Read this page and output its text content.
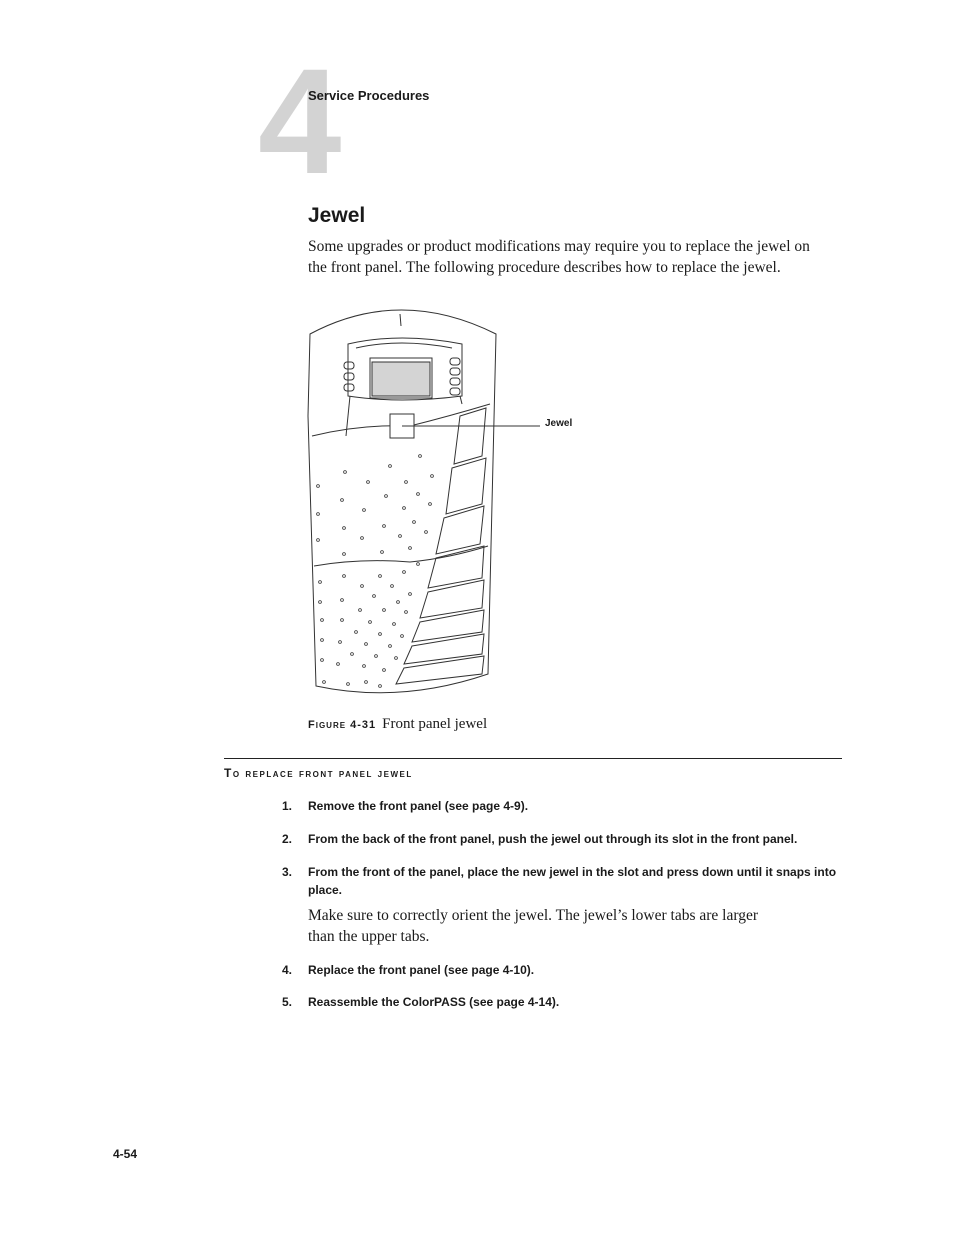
4
Service Procedures
Jewel
Some upgrades or product modifications may require you to replace the jewel on the front panel. The following procedure describes how to replace the jewel.
Jewel
Figure 4-31 Front panel jewel
To replace front panel jewel
1. Remove the front panel (see page 4-9).
2. From the back of the front panel, push the jewel out through its slot in the front panel.
3. From the front of the panel, place the new jewel in the slot and press down until it snaps into place.
Make sure to correctly orient the jewel. The jewel’s lower tabs are larger than the upper tabs.
4. Replace the front panel (see page 4-10).
5. Reassemble the ColorPASS (see page 4-14).
4-54
